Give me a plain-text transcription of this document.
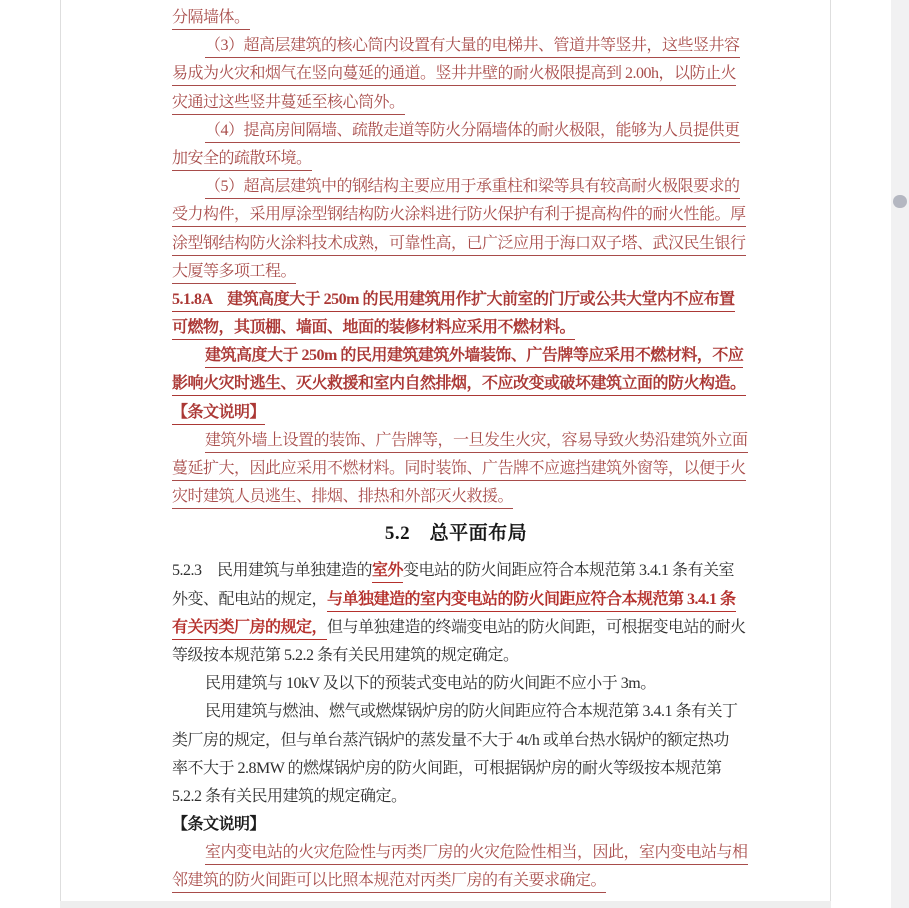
分隔墙体。
（3）超高层建筑的核心筒内设置有大量的电梯井、管道井等竖井，这些竖井容
易成为火灾和烟气在竖向蔓延的通道。竖井井壁的耐火极限提高到 2.00h，以防止火
灾通过这些竖井蔓延至核心筒外。
（4）提高房间隔墙、疏散走道等防火分隔墙体的耐火极限，能够为人员提供更
加安全的疏散环境。
（5）超高层建筑中的钢结构主要应用于承重柱和梁等具有较高耐火极限要求的
受力构件，采用厚涂型钢结构防火涂料进行防火保护有利于提高构件的耐火性能。厚
涂型钢结构防火涂料技术成熟，可靠性高，已广泛应用于海口双子塔、武汉民生银行
大厦等多项工程。
5.1.8A　建筑高度大于 250m 的民用建筑用作扩大前室的门厅或公共大堂内不应布置
可燃物，其顶棚、墙面、地面的装修材料应采用不燃材料。
建筑高度大于 250m 的民用建筑建筑外墙装饰、广告牌等应采用不燃材料，不应
影响火灾时逃生、灭火救援和室内自然排烟，不应改变或破坏建筑立面的防火构造。
【条文说明】
建筑外墙上设置的装饰、广告牌等，一旦发生火灾，容易导致火势沿建筑外立面
蔓延扩大，因此应采用不燃材料。同时装饰、广告牌不应遮挡建筑外窗等，以便于火
灾时建筑人员逃生、排烟、排热和外部灭火救援。
5.2　总平面布局
5.2.3　民用建筑与单独建造的室外变电站的防火间距应符合本规范第 3.4.1 条有关室
外变、配电站的规定，与单独建造的室内变电站的防火间距应符合本规范第 3.4.1 条
有关丙类厂房的规定，但与单独建造的终端变电站的防火间距，可根据变电站的耐火
等级按本规范第 5.2.2 条有关民用建筑的规定确定。
民用建筑与 10kV 及以下的预装式变电站的防火间距不应小于 3m。
民用建筑与燃油、燃气或燃煤锅炉房的防火间距应符合本规范第 3.4.1 条有关丁
类厂房的规定，但与单台蒸汽锅炉的蒸发量不大于 4t/h 或单台热水锅炉的额定热功
率不大于 2.8MW 的燃煤锅炉房的防火间距，可根据锅炉房的耐火等级按本规范第
5.2.2 条有关民用建筑的规定确定。
【条文说明】
室内变电站的火灾危险性与丙类厂房的火灾危险性相当，因此，室内变电站与相
邻建筑的防火间距可以比照本规范对丙类厂房的有关要求确定。
